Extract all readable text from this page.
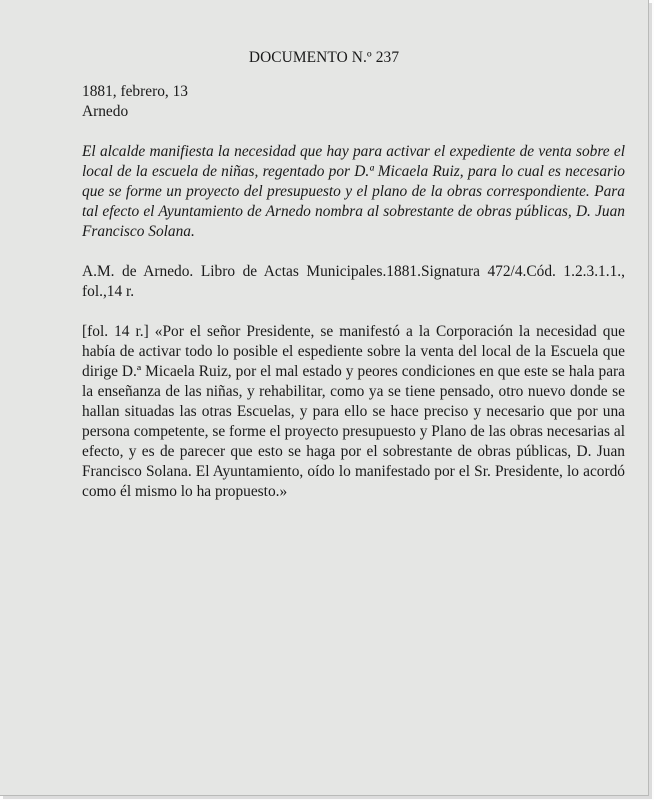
DOCUMENTO N.º 237
1881, febrero, 13
Arnedo
El alcalde manifiesta la necesidad que hay para activar el expediente de venta sobre el
local de la escuela de niñas, regentado por D.ª Micaela Ruiz, para lo cual es necesario
que se forme un proyecto del presupuesto y el plano de la obras correspondiente. Para
tal efecto el Ayuntamiento de Arnedo nombra al sobrestante de obras públicas, D. Juan
Francisco Solana.
A.M. de Arnedo. Libro de Actas Municipales.1881.Signatura 472/4.Cód. 1.2.3.1.1.,
fol.,14 r.
[fol. 14 r.] «Por el señor Presidente, se manifestó a la Corporación la necesidad que
había de activar todo lo posible el espediente sobre la venta del local de la Escuela que
dirige D.ª Micaela Ruiz, por el mal estado y peores condiciones en que este se hala para
la enseñanza de las niñas, y rehabilitar, como ya se tiene pensado, otro nuevo donde se
hallan situadas las otras Escuelas, y para ello se hace preciso y necesario que por una
persona competente, se forme el proyecto presupuesto y Plano de las obras necesarias al
efecto, y es de parecer que esto se haga por el sobrestante de obras públicas, D. Juan
Francisco Solana. El Ayuntamiento, oído lo manifestado por el Sr. Presidente, lo acordó
como él mismo lo ha propuesto.»
